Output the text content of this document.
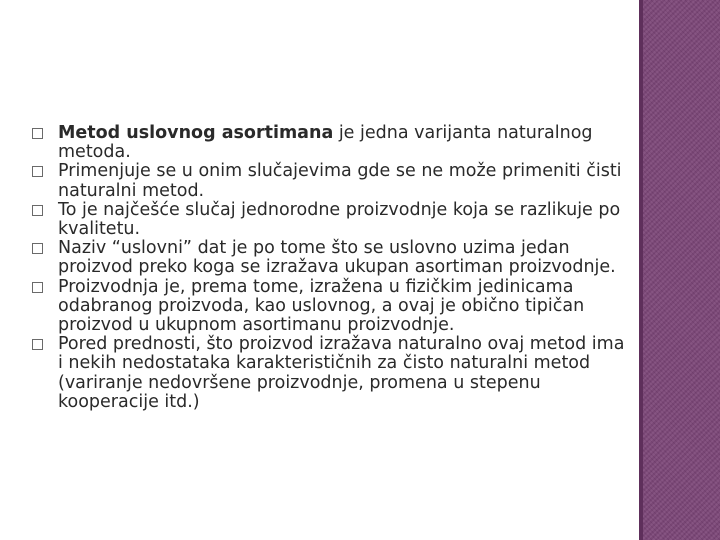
Metod uslovnog asortimana je jedna varijanta naturalnog metoda.
Primenjuje se u onim slučajevima gde se ne može primeniti čisti naturalni metod.
To je najčešće slučaj jednorodne proizvodnje koja se razlikuje po kvalitetu.
Naziv “uslovni” dat je po tome što se uslovno uzima jedan proizvod preko koga se izražava ukupan asortiman proizvodnje.
Proizvodnja je, prema tome, izražena u fizičkim jedinicama odabranog proizvoda, kao uslovnog, a ovaj je obično tipičan proizvod u ukupnom asortimanu proizvodnje.
Pored prednosti, što proizvod izražava naturalno ovaj metod ima i nekih nedostataka karakterističnih za čisto naturalni metod (variranje nedovršene proizvodnje, promena u stepenu kooperacije itd.)
